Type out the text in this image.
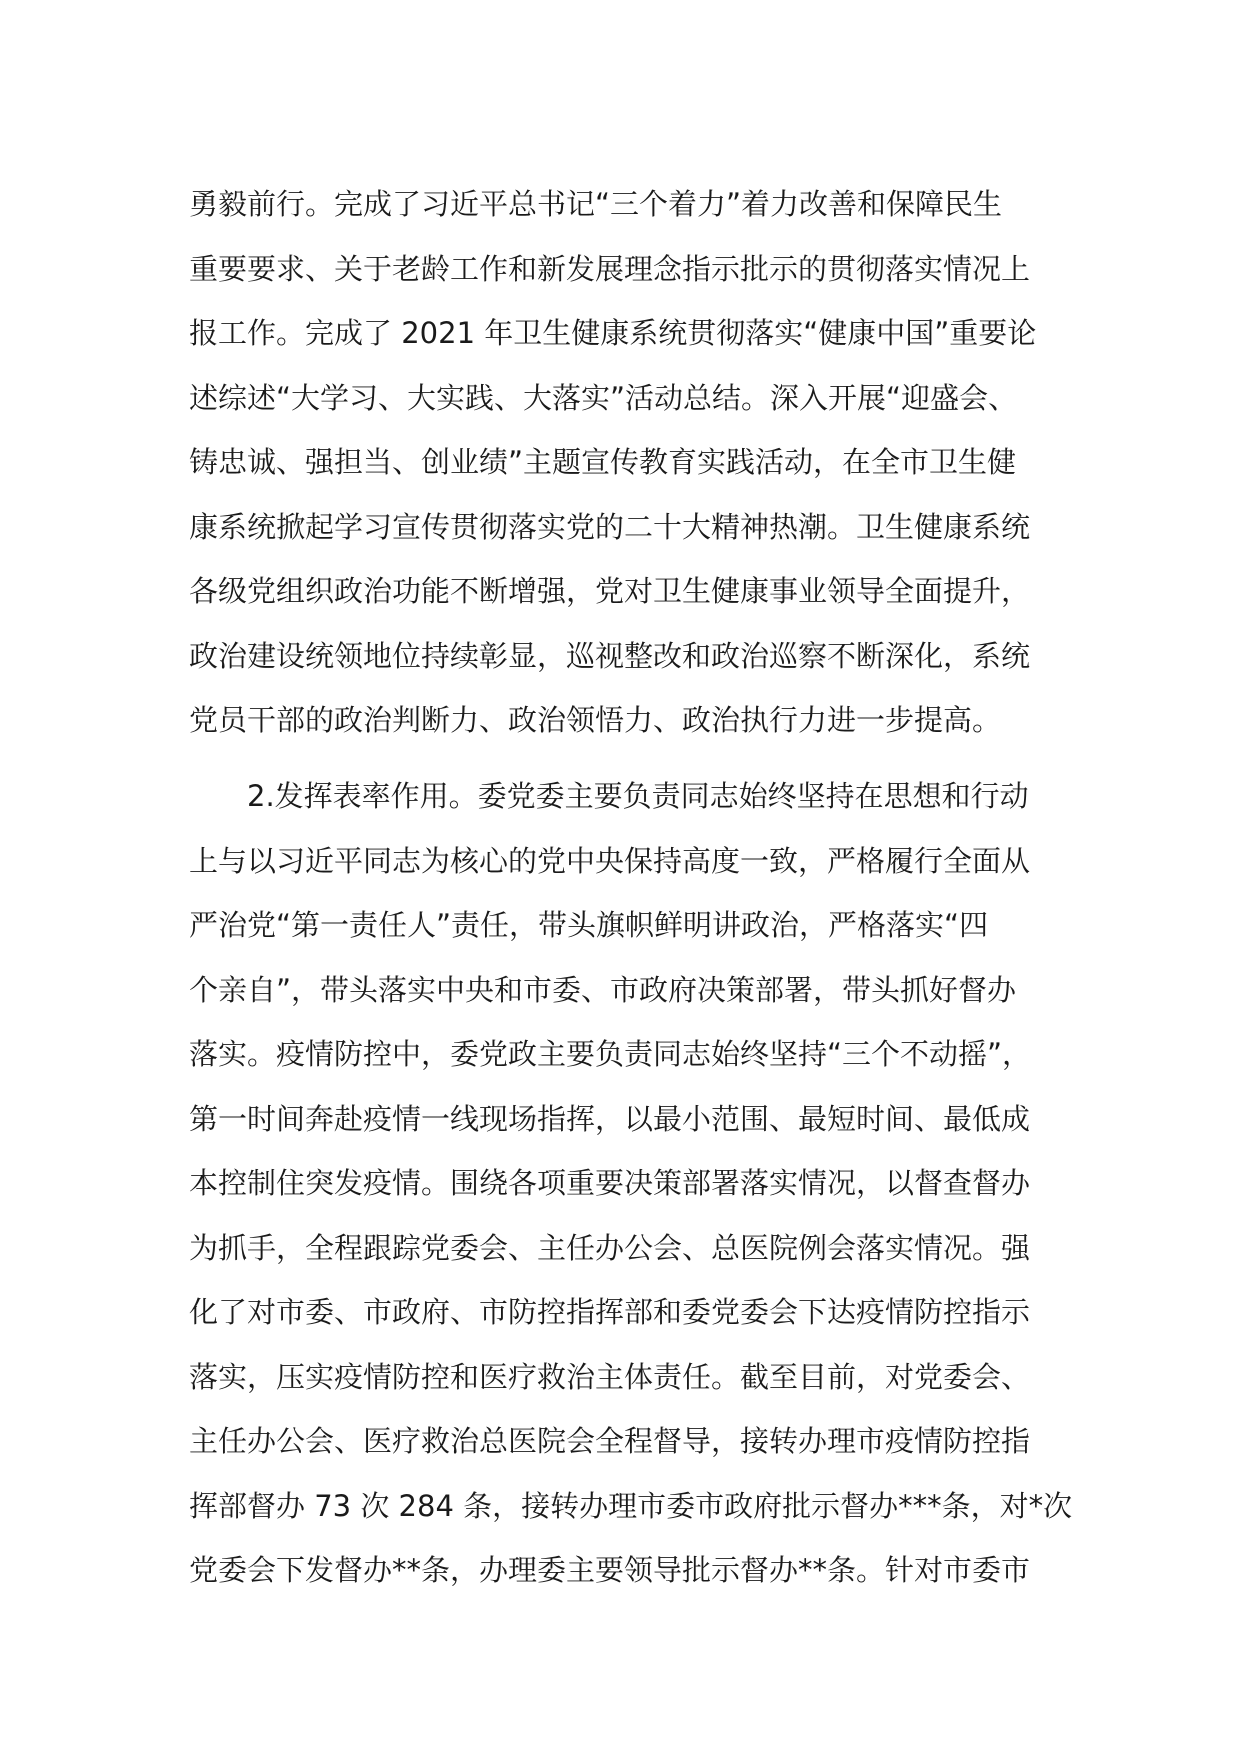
勇毅前行。完成了习近平总书记“三个着力”着力改善和保障民生
重要要求、关于老龄工作和新发展理念指示批示的贯彻落实情况上
报工作。完成了 2021 年卫生健康系统贯彻落实“健康中国”重要论
述综述“大学习、大实践、大落实”活动总结。深入开展“迎盛会、
铸忠诚、强担当、创业绩”主题宣传教育实践活动，在全市卫生健
康系统掀起学习宣传贯彻落实党的二十大精神热潮。卫生健康系统
各级党组织政治功能不断增强，党对卫生健康事业领导全面提升，
政治建设统领地位持续彰显，巡视整改和政治巡察不断深化，系统
党员干部的政治判断力、政治领悟力、政治执行力进一步提高。
2.发挥表率作用。委党委主要负责同志始终坚持在思想和行动
上与以习近平同志为核心的党中央保持高度一致，严格履行全面从
严治党“第一责任人”责任，带头旗帜鲜明讲政治，严格落实“四
个亲自”，带头落实中央和市委、市政府决策部署，带头抓好督办
落实。疫情防控中，委党政主要负责同志始终坚持“三个不动摇”，
第一时间奔赴疫情一线现场指挥，以最小范围、最短时间、最低成
本控制住突发疫情。围绕各项重要决策部署落实情况，以督查督办
为抓手，全程跟踪党委会、主任办公会、总医院例会落实情况。强
化了对市委、市政府、市防控指挥部和委党委会下达疫情防控指示
落实，压实疫情防控和医疗救治主体责任。截至目前，对党委会、
主任办公会、医疗救治总医院会全程督导，接转办理市疫情防控指
挥部督办 73 次 284 条，接转办理市委市政府批示督办***条，对*次
党委会下发督办**条，办理委主要领导批示督办**条。针对市委市
